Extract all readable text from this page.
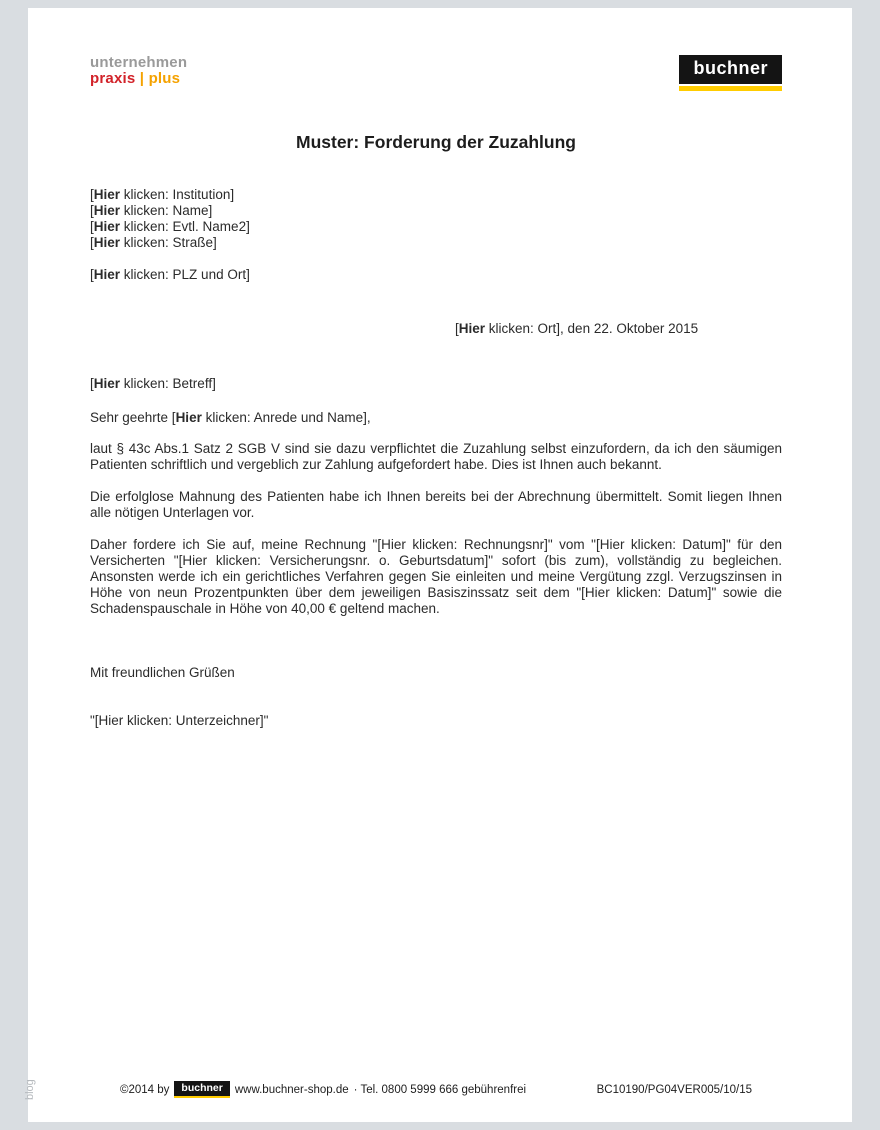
unternehmen
praxis | plus
buchner
Muster: Forderung der Zuzahlung

[Hier klicken: Institution]

[Hier klicken: Name]

[Hier klicken: Evtl. Name2]

[Hier klicken: Straße]

[Hier klicken: PLZ und Ort]

[Hier klicken: Ort], den 22. Oktober 2015

[Hier klicken: Betreff]

Sehr geehrte [Hier klicken: Anrede und Name],

laut § 43c Abs.1 Satz 2 SGB V sind sie dazu verpflichtet die Zuzahlung selbst einzufordern, da ich den säumigen Patienten schriftlich und vergeblich zur Zahlung aufgefordert habe. Dies ist Ihnen auch bekannt.

Die erfolglose Mahnung des Patienten habe ich Ihnen bereits bei der Abrechnung übermittelt. Somit liegen Ihnen alle nötigen Unterlagen vor.

Daher fordere ich Sie auf, meine Rechnung "[Hier klicken: Rechnungsnr]" vom "[Hier klicken: Datum]" für den Versicherten "[Hier klicken: Versicherungsnr. o. Geburtsdatum]" sofort (bis zum), vollständig zu begleichen. Ansonsten werde ich ein gerichtliches Verfahren gegen Sie einleiten und meine Vergütung zzgl. Verzugszinsen in Höhe von neun Prozentpunkten über dem jeweiligen Basiszinssatz seit dem "[Hier klicken: Datum]" sowie die Schadenspauschale in Höhe von 40,00 € geltend machen.

Mit freundlichen Grüßen

"[Hier klicken: Unterzeichner]"

©2014 by	buchner	www.buchner-shop.de · Tel. 0800 5999 666 gebührenfrei	BC10190/PG04VER005/10/15
blog
